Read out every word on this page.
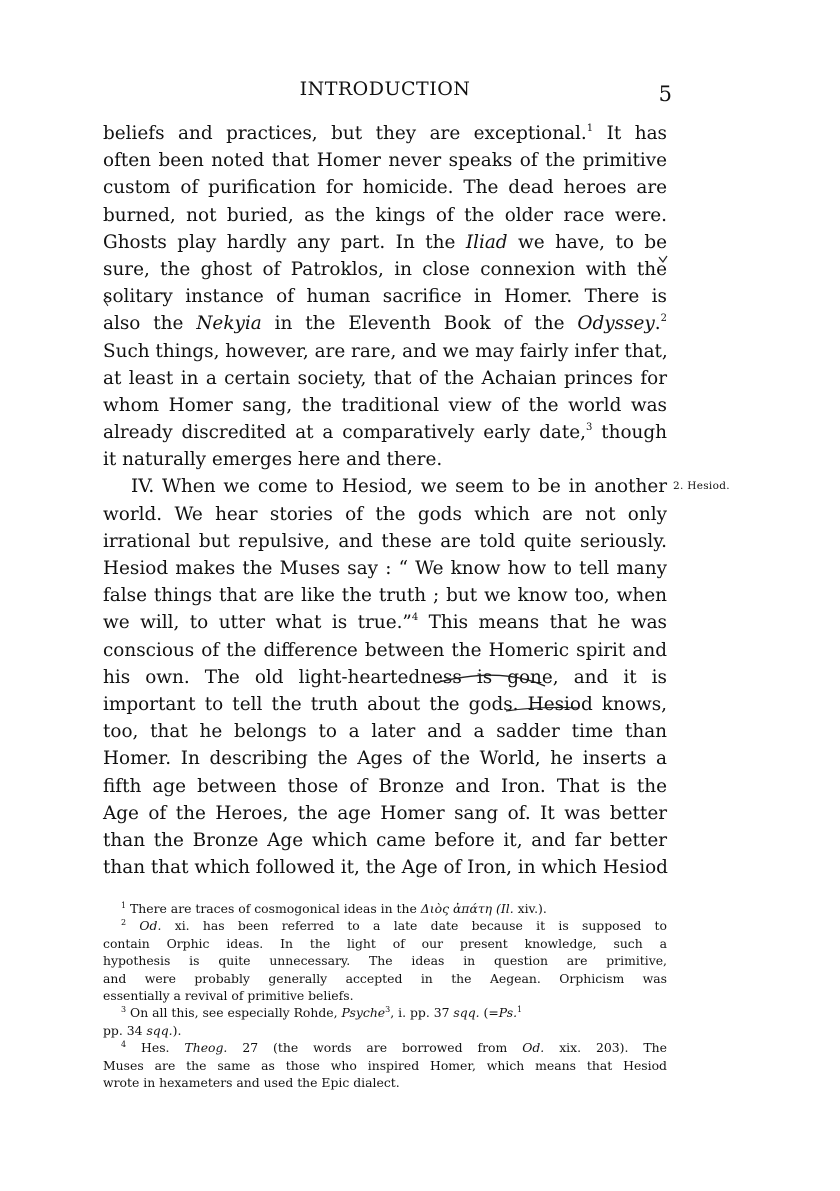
INTRODUCTION	5
beliefs and practices, but they are exceptional.$^1$ It has
often been noted that Homer never speaks of the primitive
custom of purification for homicide. The dead heroes are
burned, not buried, as the kings of the older race were.
Ghosts play hardly any part. In the Iliad we have, to be
sure, the ghost of Patroklos, in close connexion with the
solitary instance of human sacrifice in Homer. There is
also the Nekyia in the Eleventh Book of the Odyssey.$^2$
Such things, however, are rare, and we may fairly infer that,
at least in a certain society, that of the Achaian princes for
whom Homer sang, the traditional view of the world was
already discredited at a comparatively early date,$^3$ though
it naturally emerges here and there.
IV. When we come to Hesiod, we seem to be in another
world. We hear stories of the gods which are not only
irrational but repulsive, and these are told quite seriously.
Hesiod makes the Muses say : “ We know how to tell many
false things that are like the truth ; but we know too, when
we will, to utter what is true.”$^4$ This means that he was
conscious of the difference between the Homeric spirit and
his own. The old light-heartedness is gone, and it is
important to tell the truth about the gods. Hesiod knows,
too, that he belongs to a later and a sadder time than
Homer. In describing the Ages of the World, he inserts a
fifth age between those of Bronze and Iron. That is the
Age of the Heroes, the age Homer sang of. It was better
than the Bronze Age which came before it, and far better
than that which followed it, the Age of Iron, in which Hesiod
2. Hesiod.
$^1$ There are traces of cosmogonical ideas in the Διὸς ἀπάτη (Il. xiv.).
$^2$ Od. xi. has been referred to a late date because it is supposed to
contain Orphic ideas. In the light of our present knowledge, such a
hypothesis is quite unnecessary. The ideas in question are primitive,
and were probably generally accepted in the Aegean. Orphicism was
essentially a revival of primitive beliefs.
$^3$ On all this, see especially Rohde, Psyche$^3$, i. pp. 37 sqq. (=Ps.$^1$
pp. 34 sqq.).
$^4$ Hes. Theog. 27 (the words are borrowed from Od. xix. 203). The
Muses are the same as those who inspired Homer, which means that Hesiod
wrote in hexameters and used the Epic dialect.
